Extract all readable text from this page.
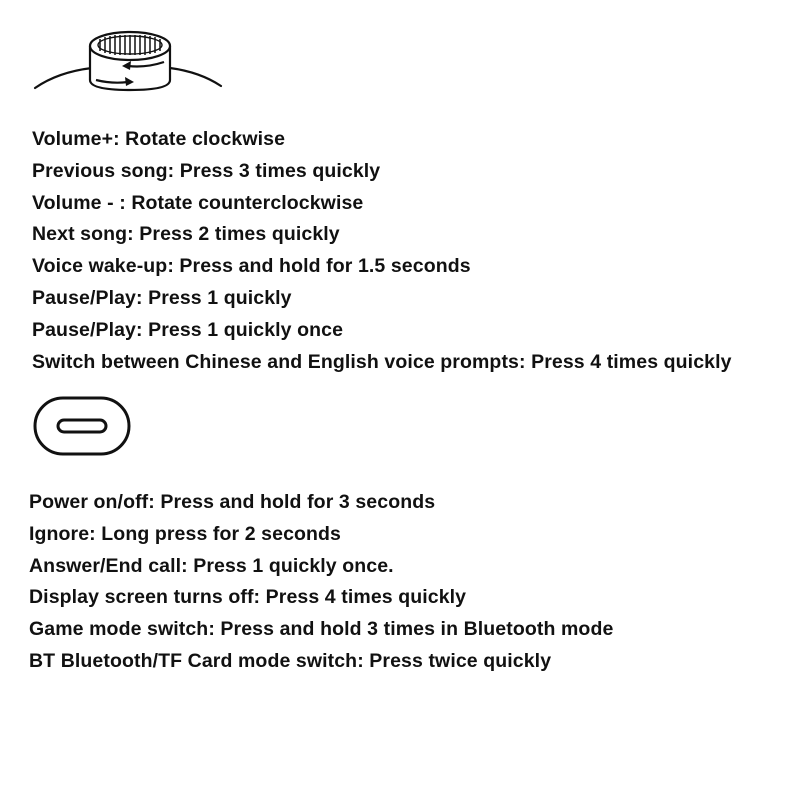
Volume+: Rotate clockwise
Previous song: Press 3 times quickly
Volume - : Rotate counterclockwise
Next song: Press 2 times quickly
Voice wake-up: Press and hold for 1.5 seconds
Pause/Play: Press 1 quickly
Pause/Play: Press 1 quickly once
Switch between Chinese and English voice prompts: Press 4 times quickly
Power on/off: Press and hold for 3 seconds
Ignore: Long press for 2 seconds
Answer/End call: Press 1 quickly once.
Display screen turns off: Press 4 times quickly
Game mode switch: Press and hold 3 times in Bluetooth mode
BT Bluetooth/TF Card mode switch: Press twice quickly
